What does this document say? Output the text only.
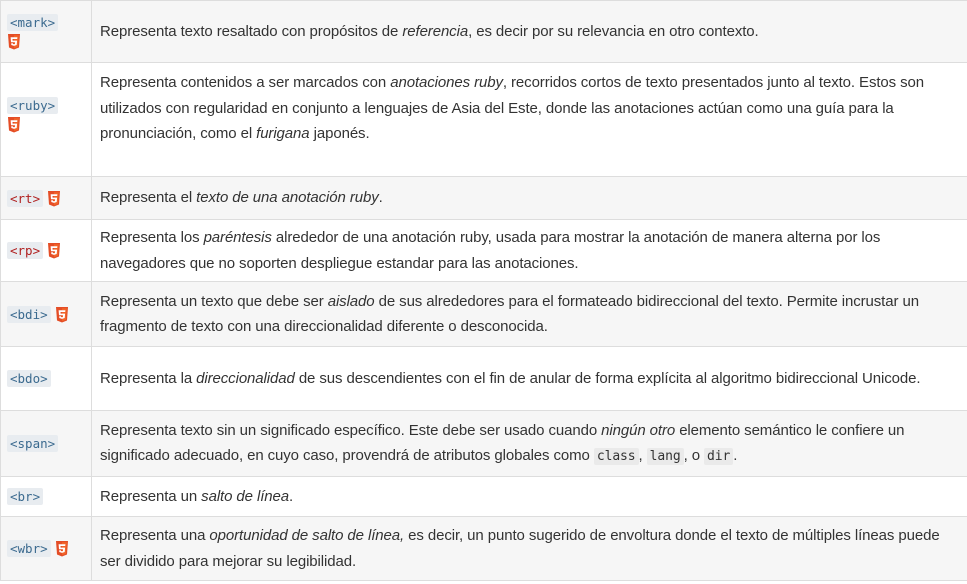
<mark>	Representa texto resaltado con propósitos de referencia, es decir por su relevancia en otro contexto.
<ruby>	Representa contenidos a ser marcados con anotaciones ruby, recorridos cortos de texto presentados junto al texto. Estos son utilizados con regularidad en conjunto a lenguajes de Asia del Este, donde las anotaciones actúan como una guía para la pronunciación, como el furigana japonés.
<rt>	Representa el texto de una anotación ruby.
<rp>	Representa los paréntesis alrededor de una anotación ruby, usada para mostrar la anotación de manera alterna por los navegadores que no soporten despliegue estandar para las anotaciones.
<bdi>	Representa un texto que debe ser aislado de sus alrededores para el formateado bidireccional del texto. Permite incrustar un fragmento de texto con una direccionalidad diferente o desconocida.
<bdo>	Representa la direccionalidad de sus descendientes con el fin de anular de forma explícita al algoritmo bidireccional Unicode.
<span>	Representa texto sin un significado específico. Este debe ser usado cuando ningún otro elemento semántico le confiere un significado adecuado, en cuyo caso, provendrá de atributos globales como class , lang , o dir .
<br>	Representa un salto de línea.
<wbr>	Representa una oportunidad de salto de línea, es decir, un punto sugerido de envoltura donde el texto de múltiples líneas puede ser dividido para mejorar su legibilidad.
